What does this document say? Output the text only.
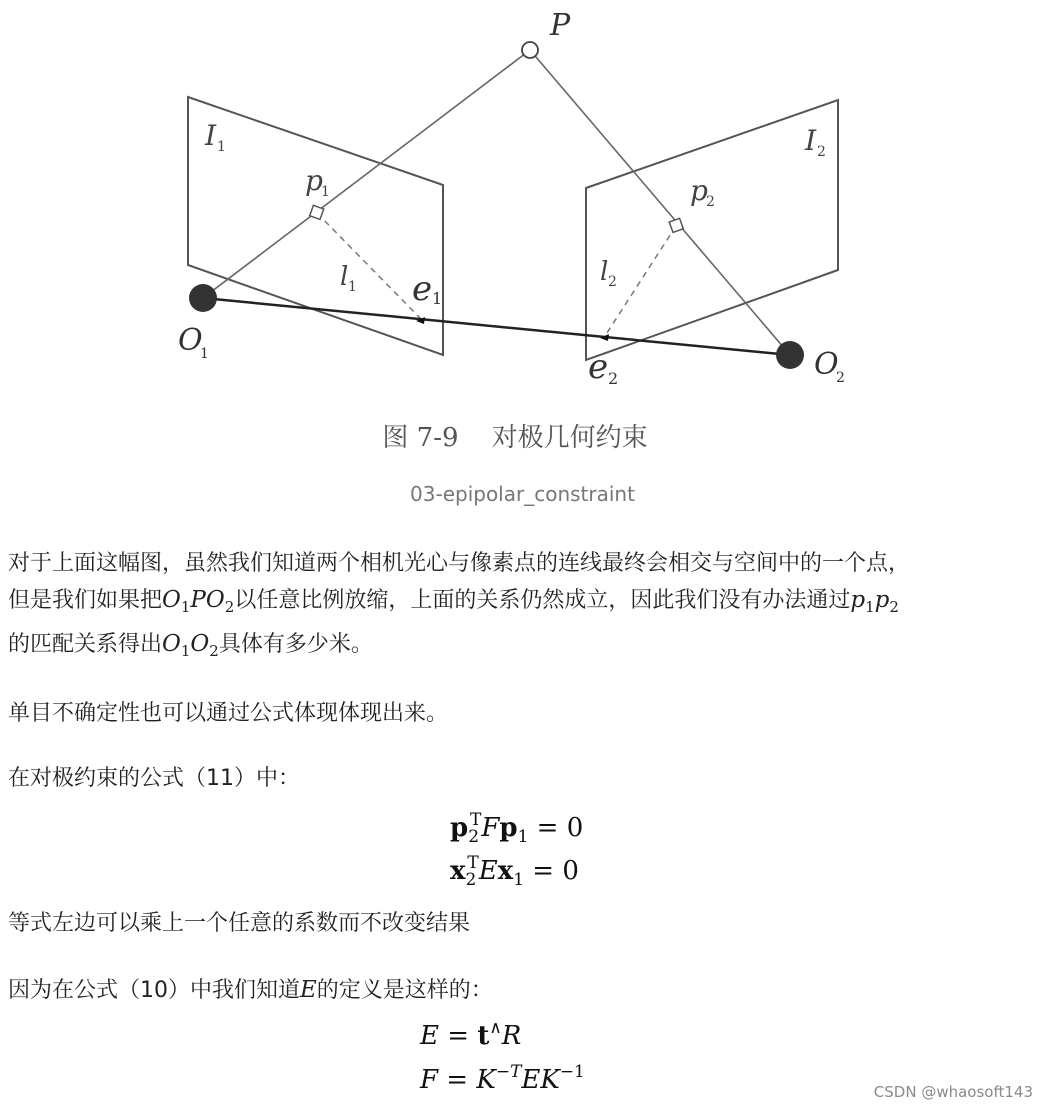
P
I 1	I 2
p
1	p
2
l 1	l 2
e 1
e 2
O
1	O
2
图 7-9    对极几何约束
03-epipolar_constraint

对于上面这幅图，虽然我们知道两个相机光心与像素点的连线最终会相交与空间中的一个点，
但是我们如果把$O_1PO_2$以任意比例放缩，上面的关系仍然成立，因此我们没有办法通过$p_1p_2$
的匹配关系得出$O_1O_2$具体有多少米。

单目不确定性也可以通过公式体现体现出来。

在对极约束的公式（11）中：

$p_2^TFp_1 = 0$
$x_2^TEx_1 = 0$

等式左边可以乘上一个任意的系数而不改变结果

因为在公式（10）中我们知道E的定义是这样的：

E = t∧R
$F = K^{-T}EK^{-1}$
CSDN @whaosoft143
